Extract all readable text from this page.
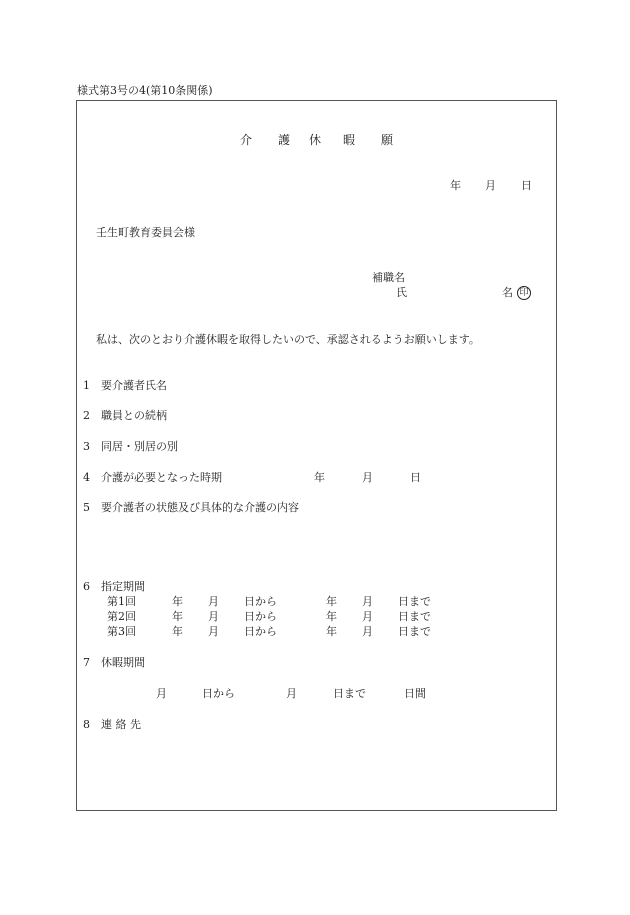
様式第3号の4(第10条関係)
介 護 休 暇 願
年 月 日
壬生町教育委員会様
補職名
氏	名 印
私は、次のとおり介護休暇を取得したいので、承認されるようお願いします。
1 要介護者氏名
2 職員との続柄
3 同居・別居の別
4 介護が必要となった時期	年	月	日
5 要介護者の状態及び具体的な介護の内容
6 指定期間
第1回	年 月 日から	年 月 日まで
第2回	年 月 日から	年 月 日まで
第3回	年 月 日から	年 月 日まで
7 休暇期間
月	日から	月	日まで	日間
8 連 絡 先
